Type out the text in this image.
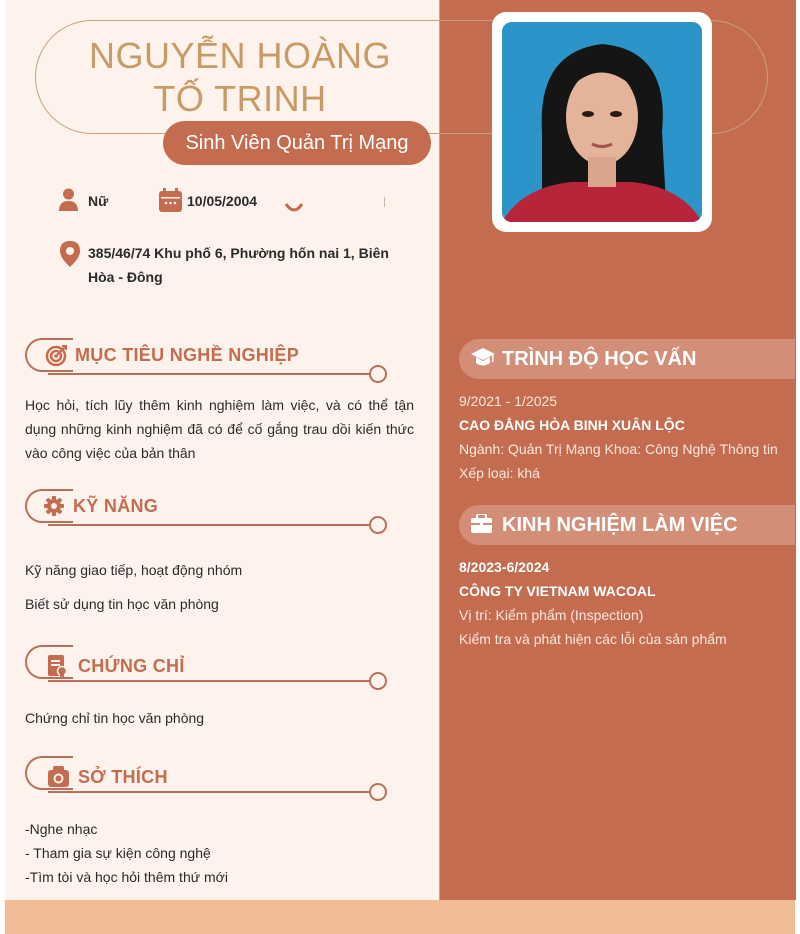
NGUYỄN HOÀNG TỐ TRINH
Sinh Viên Quản Trị Mạng
Nữ	10/05/2004
385/46/74 Khu phố 6, Phường hốn nai 1, Biên Hòa - Đông
MỤC TIÊU NGHỀ NGHIỆP
Học hỏi, tích lũy thêm kinh nghiệm làm việc, và có thể tận dụng những kinh nghiệm đã có để cố gắng trau dồi kiến thức vào công việc của bản thân
KỸ NĂNG
Kỹ năng giao tiếp, hoạt động nhóm
Biết sử dụng tin học văn phòng
CHỨNG CHỈ
Chứng chỉ tin học văn phòng
SỞ THÍCH
-Nghe nhạc
- Tham gia sự kiện công nghệ
-Tìm tòi và học hỏi thêm thứ mới
TRÌNH ĐỘ HỌC VẤN
9/2021 - 1/2025
CAO ĐẲNG HÒA BINH XUÂN LỘC
Ngành: Quản Trị Mạng Khoa: Công Nghệ Thông tin
Xếp loại: khá
KINH NGHIỆM LÀM VIỆC
8/2023-6/2024
CÔNG TY VIETNAM WACOAL
Vị trí: Kiểm phẩm (Inspection)
Kiểm tra và phát hiện các lỗi của sản phẩm
